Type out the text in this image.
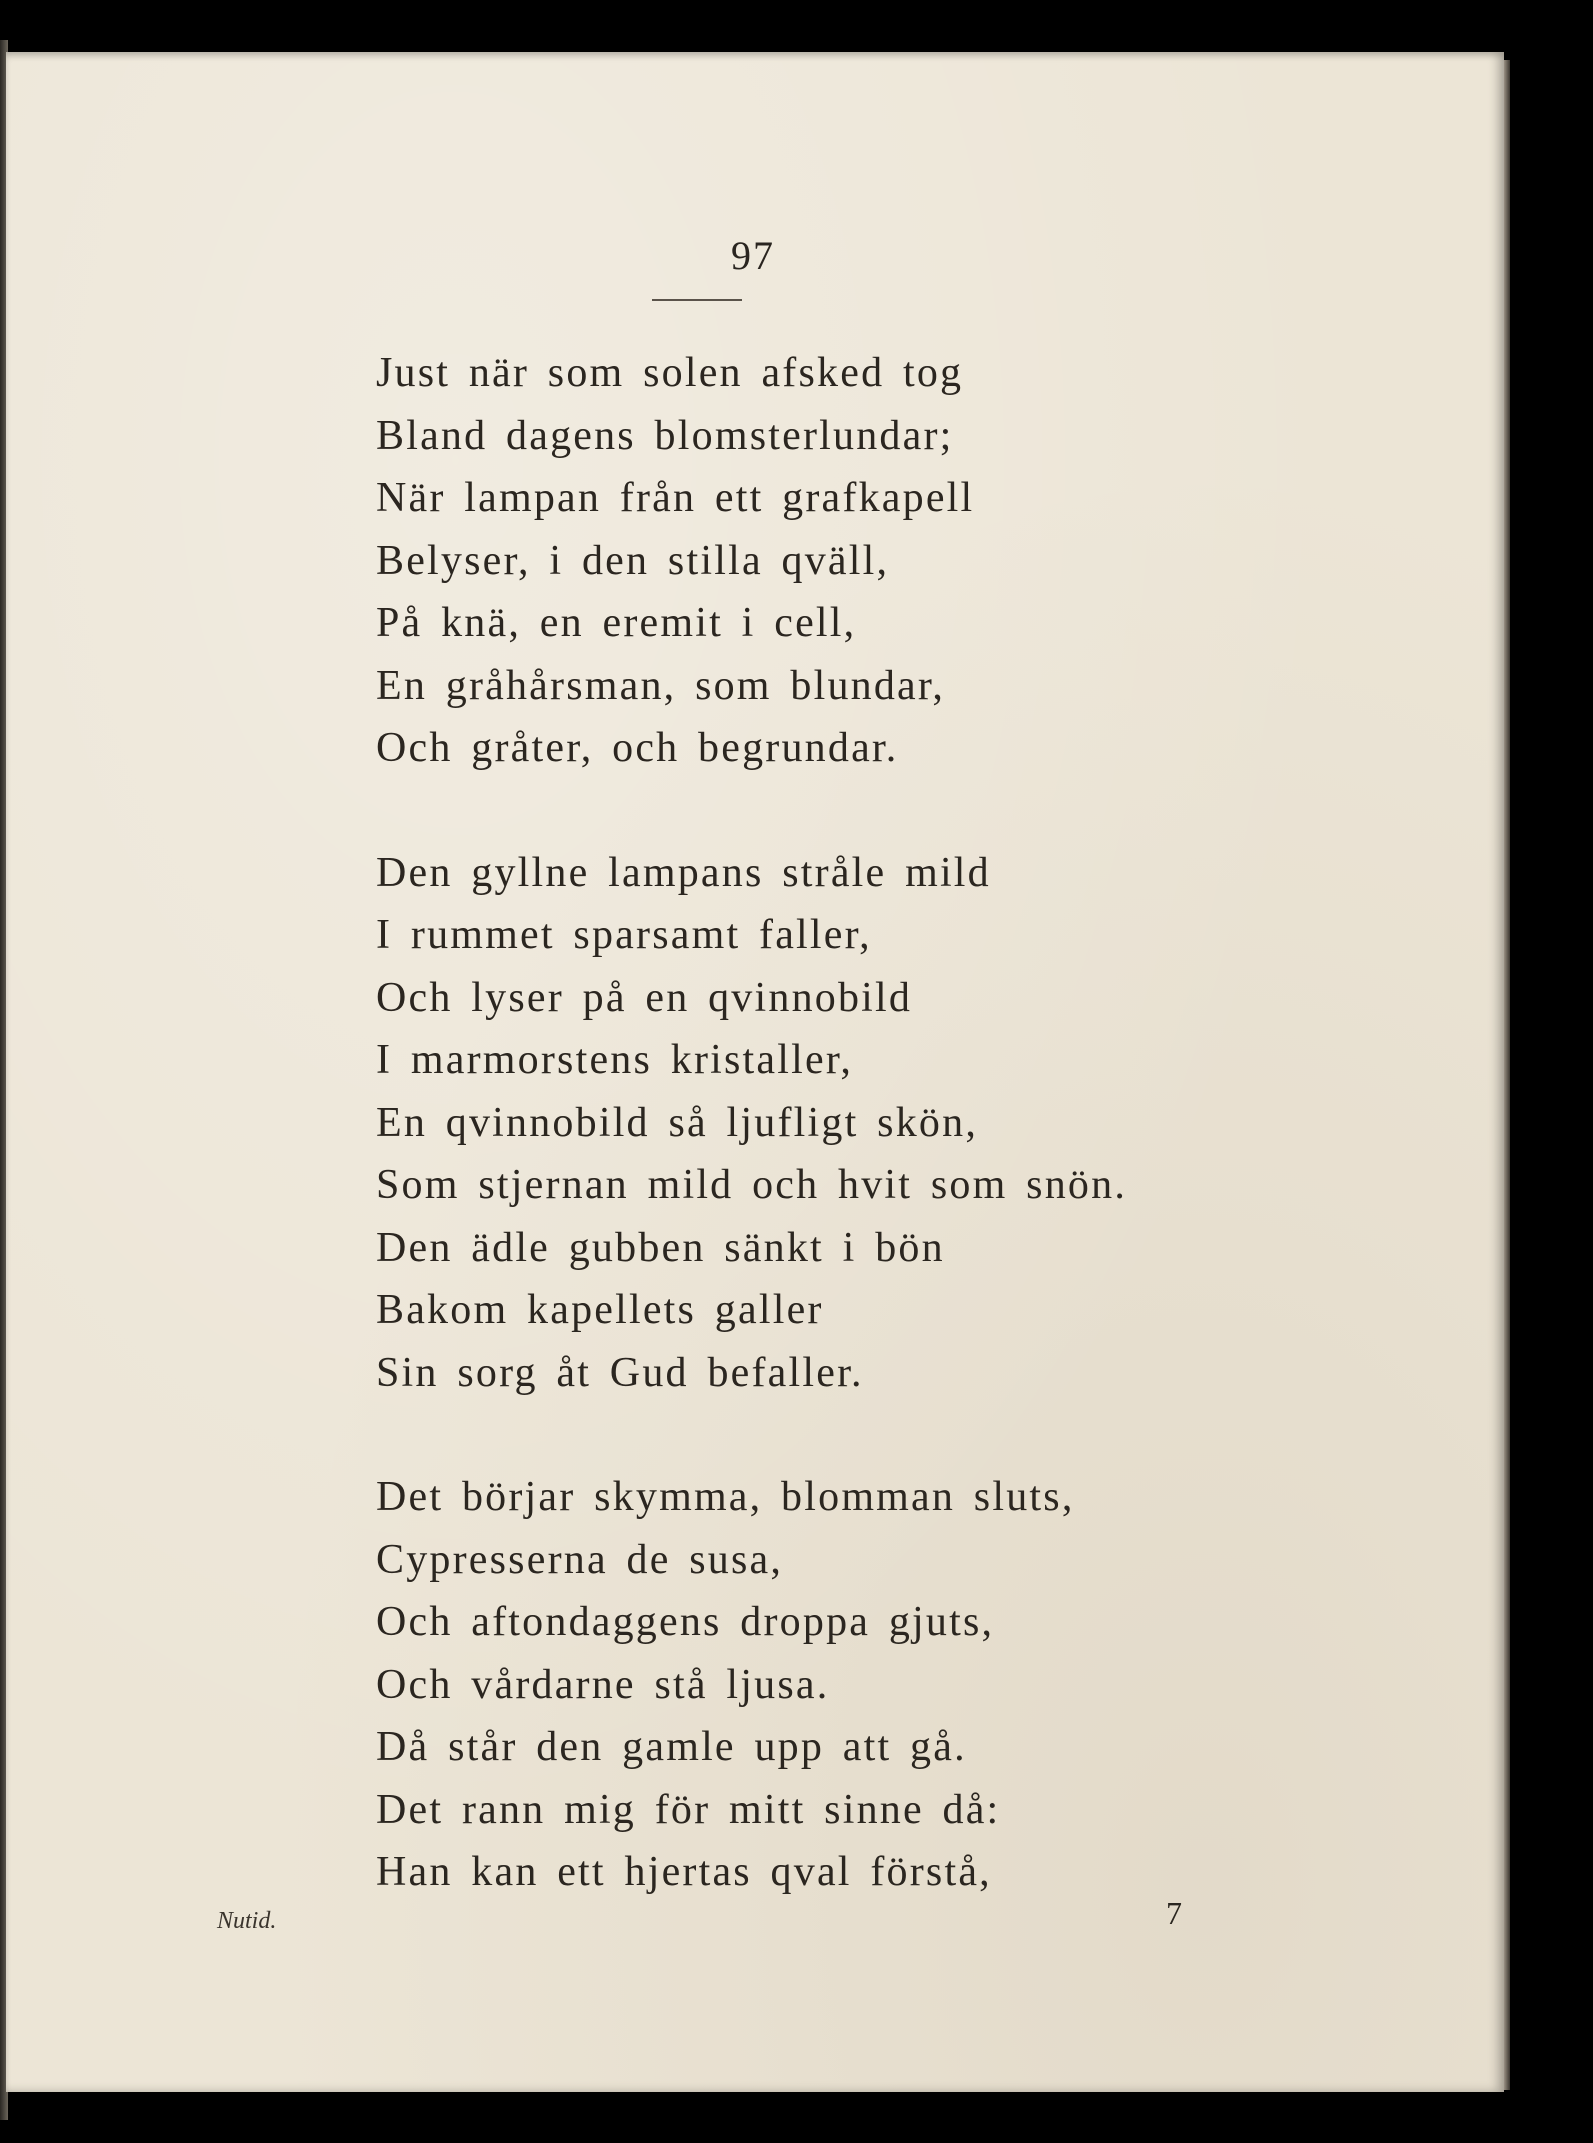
97
Just när som solen afsked tog
Bland dagens blomsterlundar;
När lampan från ett grafkapell
Belyser, i den stilla qväll,
På knä, en eremit i cell,
En gråhårsman, som blundar,
Och gråter, och begrundar.
Den gyllne lampans stråle mild
I rummet sparsamt faller,
Och lyser på en qvinnobild
I marmorstens kristaller,
En qvinnobild så ljufligt skön,
Som stjernan mild och hvit som snön.
Den ädle gubben sänkt i bön
Bakom kapellets galler
Sin sorg åt Gud befaller.
Det börjar skymma, blomman sluts,
Cypresserna de susa,
Och aftondaggens droppa gjuts,
Och vårdarne stå ljusa.
Då står den gamle upp att gå.
Det rann mig för mitt sinne då:
Han kan ett hjertas qval förstå,
Nutid.	7
